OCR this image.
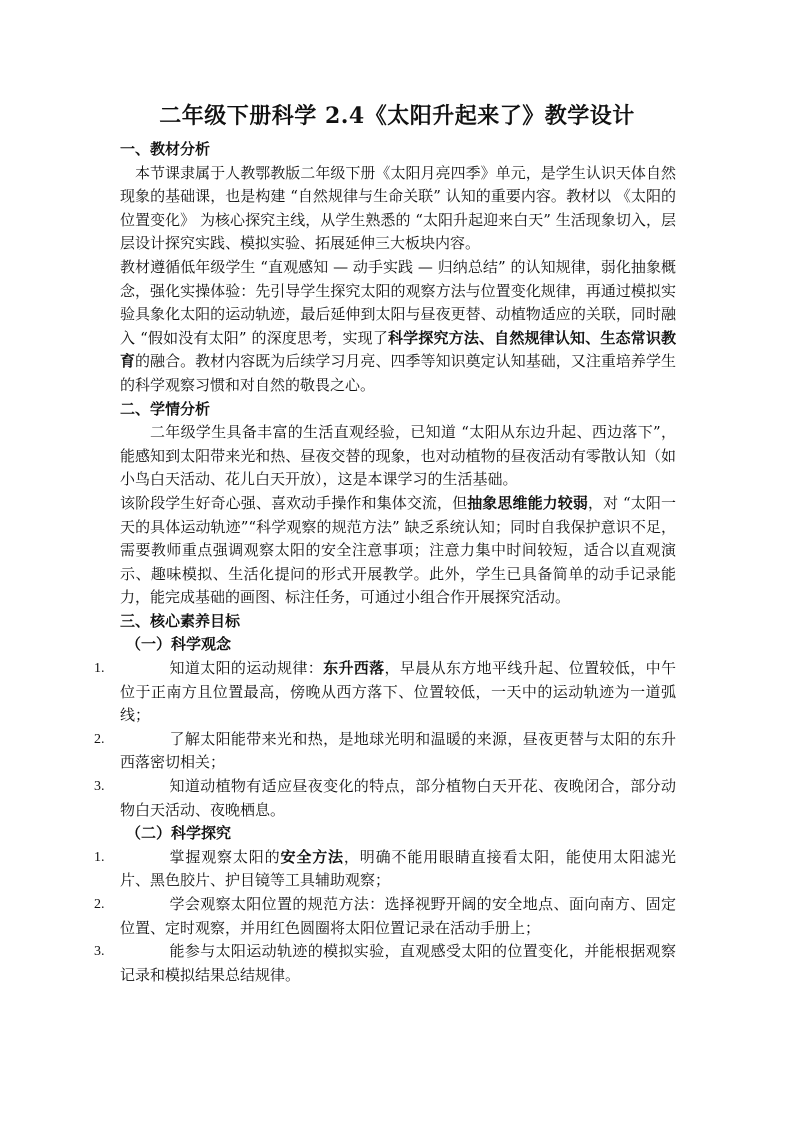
二年级下册科学 2.4《太阳升起来了》教学设计
一、教材分析

本节课隶属于人教鄂教版二年级下册《太阳月亮四季》单元，是学生认识天体自然现象的基础课，也是构建 “自然规律与生命关联” 认知的重要内容。教材以 《太阳的位置变化》 为核心探究主线，从学生熟悉的 “太阳升起迎来白天” 生活现象切入，层层设计探究实践、模拟实验、拓展延伸三大板块内容。

教材遵循低年级学生 “直观感知 — 动手实践 — 归纳总结” 的认知规律，弱化抽象概念，强化实操体验：先引导学生探究太阳的观察方法与位置变化规律，再通过模拟实验具象化太阳的运动轨迹，最后延伸到太阳与昼夜更替、动植物适应的关联，同时融入 “假如没有太阳” 的深度思考，实现了科学探究方法、自然规律认知、生态常识教育的融合。教材内容既为后续学习月亮、四季等知识奠定认知基础，又注重培养学生的科学观察习惯和对自然的敬畏之心。

二、学情分析

二年级学生具备丰富的生活直观经验，已知道 “太阳从东边升起、西边落下”，能感知到太阳带来光和热、昼夜交替的现象，也对动植物的昼夜活动有零散认知（如小鸟白天活动、花儿白天开放），这是本课学习的生活基础。

该阶段学生好奇心强、喜欢动手操作和集体交流，但抽象思维能力较弱，对 “太阳一天的具体运动轨迹”“科学观察的规范方法” 缺乏系统认知；同时自我保护意识不足，需要教师重点强调观察太阳的安全注意事项；注意力集中时间较短，适合以直观演示、趣味模拟、生活化提问的形式开展教学。此外，学生已具备简单的动手记录能力，能完成基础的画图、标注任务，可通过小组合作开展探究活动。

三、核心素养目标
（一）科学观念

1.	知道太阳的运动规律：东升西落，早晨从东方地平线升起、位置较低，中午位于正南方且位置最高，傍晚从西方落下、位置较低，一天中的运动轨迹为一道弧线；

2.	了解太阳能带来光和热，是地球光明和温暖的来源，昼夜更替与太阳的东升西落密切相关；

3.	知道动植物有适应昼夜变化的特点，部分植物白天开花、夜晚闭合，部分动物白天活动、夜晚栖息。

（二）科学探究

1.	掌握观察太阳的安全方法，明确不能用眼睛直接看太阳，能使用太阳滤光片、黑色胶片、护目镜等工具辅助观察；

2.	学会观察太阳位置的规范方法：选择视野开阔的安全地点、面向南方、固定位置、定时观察，并用红色圆圈将太阳位置记录在活动手册上；

3.	能参与太阳运动轨迹的模拟实验，直观感受太阳的位置变化，并能根据观察记录和模拟结果总结规律。
